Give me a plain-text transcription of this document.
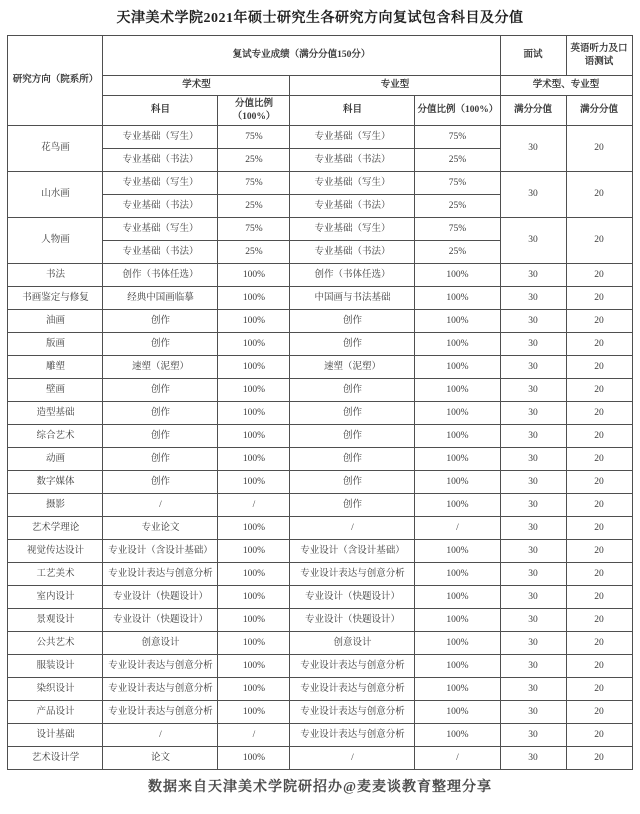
天津美术学院2021年硕士研究生各研究方向复试包含科目及分值
研究方向（院系所）	复试专业成绩（满分分值150分）				面试	英语听力及口语测试
	学术型		专业型		学术型、专业型	
	科目	分值比例（100%）	科目	分值比例（100%）	满分分值	满分分值
花鸟画	专业基础（写生）	75%	专业基础（写生）	75%	30	20
	专业基础（书法）	25%	专业基础（书法）	25%		
山水画	专业基础（写生）	75%	专业基础（写生）	75%	30	20
	专业基础（书法）	25%	专业基础（书法）	25%		
人物画	专业基础（写生）	75%	专业基础（写生）	75%	30	20
	专业基础（书法）	25%	专业基础（书法）	25%		
书法	创作（书体任选）	100%	创作（书体任选）	100%	30	20
书画鉴定与修复	经典中国画临摹	100%	中国画与书法基础	100%	30	20
油画	创作	100%	创作	100%	30	20
版画	创作	100%	创作	100%	30	20
雕塑	速塑（泥塑）	100%	速塑（泥塑）	100%	30	20
壁画	创作	100%	创作	100%	30	20
造型基础	创作	100%	创作	100%	30	20
综合艺术	创作	100%	创作	100%	30	20
动画	创作	100%	创作	100%	30	20
数字媒体	创作	100%	创作	100%	30	20
摄影	/	/	创作	100%	30	20
艺术学理论	专业论文	100%	/	/	30	20
视觉传达设计	专业设计（含设计基础）	100%	专业设计（含设计基础）	100%	30	20
工艺美术	专业设计表达与创意分析	100%	专业设计表达与创意分析	100%	30	20
室内设计	专业设计（快题设计）	100%	专业设计（快题设计）	100%	30	20
景观设计	专业设计（快题设计）	100%	专业设计（快题设计）	100%	30	20
公共艺术	创意设计	100%	创意设计	100%	30	20
服装设计	专业设计表达与创意分析	100%	专业设计表达与创意分析	100%	30	20
染织设计	专业设计表达与创意分析	100%	专业设计表达与创意分析	100%	30	20
产品设计	专业设计表达与创意分析	100%	专业设计表达与创意分析	100%	30	20
设计基础	/	/	专业设计表达与创意分析	100%	30	20
艺术设计学	论文	100%	/	/	30	20
数据来自天津美术学院研招办@麦麦谈教育整理分享
